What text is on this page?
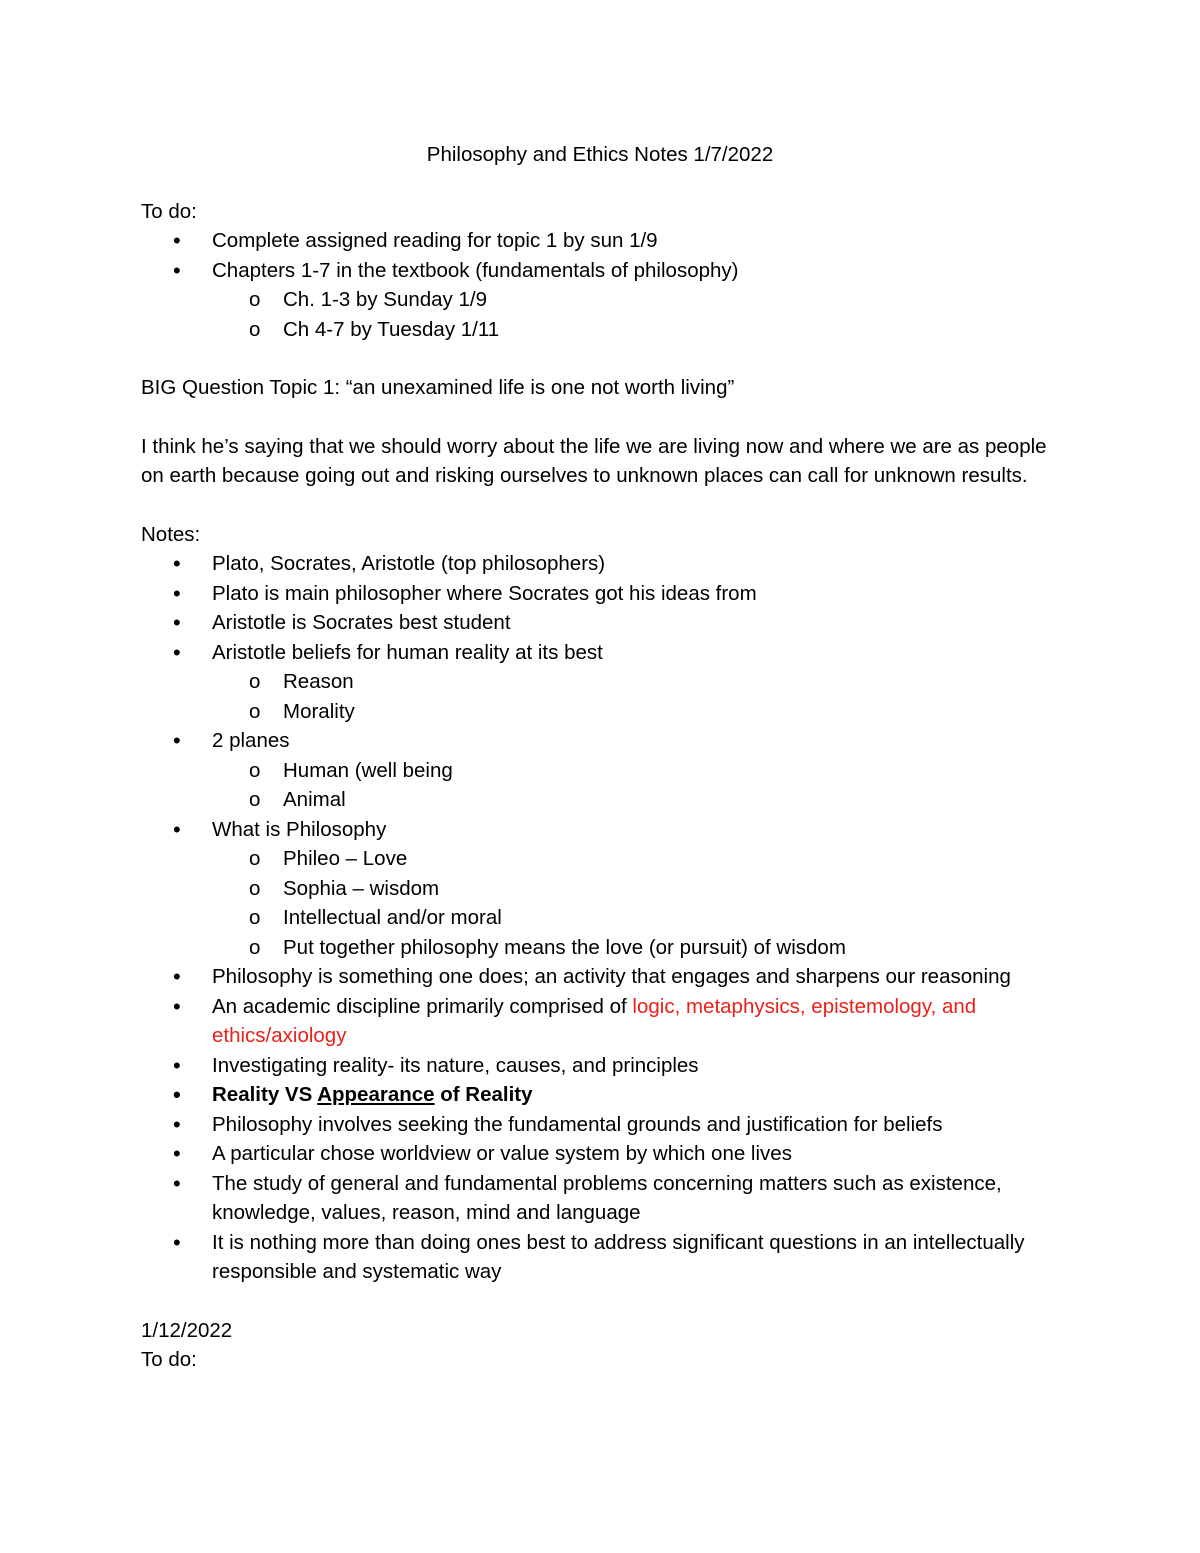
Philosophy and Ethics Notes 1/7/2022
To do:
• Complete assigned reading for topic 1 by sun 1/9
• Chapters 1-7 in the textbook (fundamentals of philosophy)
o Ch. 1-3 by Sunday 1/9
o Ch 4-7 by Tuesday 1/11
BIG Question Topic 1: “an unexamined life is one not worth living”
I think he’s saying that we should worry about the life we are living now and where we are as people on earth because going out and risking ourselves to unknown places can call for unknown results.
Notes:
• Plato, Socrates, Aristotle (top philosophers)
• Plato is main philosopher where Socrates got his ideas from
• Aristotle is Socrates best student
• Aristotle beliefs for human reality at its best
o Reason
o Morality
• 2 planes
o Human (well being
o Animal
• What is Philosophy
o Phileo – Love
o Sophia – wisdom
o Intellectual and/or moral
o Put together philosophy means the love (or pursuit) of wisdom
• Philosophy is something one does; an activity that engages and sharpens our reasoning
• An academic discipline primarily comprised of logic, metaphysics, epistemology, and ethics/axiology
• Investigating reality- its nature, causes, and principles
• Reality VS Appearance of Reality
• Philosophy involves seeking the fundamental grounds and justification for beliefs
• A particular chose worldview or value system by which one lives
• The study of general and fundamental problems concerning matters such as existence, knowledge, values, reason, mind and language
• It is nothing more than doing ones best to address significant questions in an intellectually responsible and systematic way
1/12/2022
To do:
